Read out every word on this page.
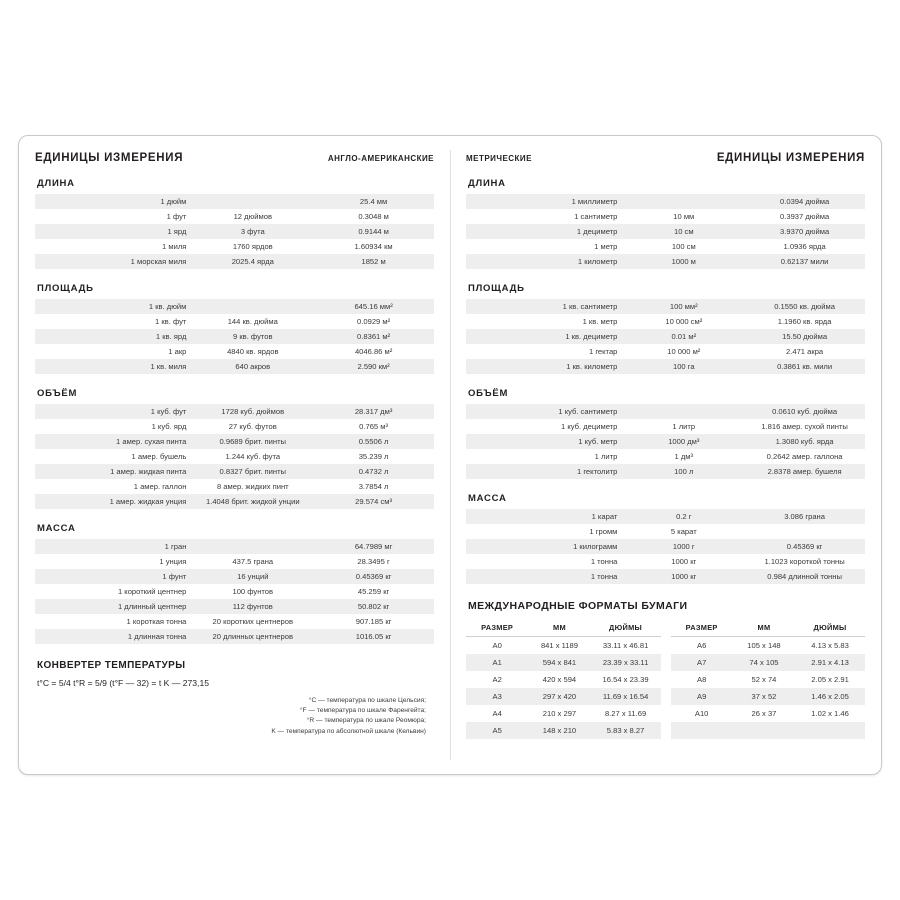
ЕДИНИЦЫ ИЗМЕРЕНИЯ	АНГЛО-АМЕРИКАНСКИЕ
ДЛИНА
1 дюйм		25.4 мм
1 фут	12 дюймов	0.3048 м
1 ярд	3 фута	0.9144 м
1 миля	1760 ярдов	1.60934 км
1 морская миля	2025.4 ярда	1852 м
ПЛОЩАДЬ
1 кв. дюйм		645.16 мм²
1 кв. фут	144 кв. дюйма	0.0929 м²
1 кв. ярд	9 кв. футов	0.8361 м²
1 акр	4840 кв. ярдов	4046.86 м²
1 кв. миля	640 акров	2.590 км²
ОБЪЁМ
1 куб. фут	1728 куб. дюймов	28.317 дм³
1 куб. ярд	27 куб. футов	0.765 м³
1 амер. сухая пинта	0.9689 брит. пинты	0.5506 л
1 амер. бушель	1.244 куб. фута	35.239 л
1 амер. жидкая пинта	0.8327 брит. пинты	0.4732 л
1 амер. галлон	8 амер. жидких пинт	3.7854 л
1 амер. жидкая унция	1.4048 брит. жидкой унции	29.574 см³
МАССА
1 гран		64.7989 мг
1 унция	437.5 грана	28.3495 г
1 фунт	16 унций	0.45369 кг
1 короткий центнер	100 фунтов	45.259 кг
1 длинный центнер	112 фунтов	50.802 кг
1 короткая тонна	20 коротких центнеров	907.185 кг
1 длинная тонна	20 длинных центнеров	1016.05 кг
КОНВЕРТЕР ТЕМПЕРАТУРЫ
t°C = 5/4 t°R = 5/9 (t°F — 32) = t K — 273,15
°C — температура по шкале Цельсия;
°F — температура по шкале Фаренгейта;
°R — температура по шкале Реомюра;
K — температура по абсолютной шкале (Кельвин)
МЕТРИЧЕСКИЕ	ЕДИНИЦЫ ИЗМЕРЕНИЯ
ДЛИНА
1 миллиметр		0.0394 дюйма
1 сантиметр	10 мм	0.3937 дюйма
1 дециметр	10 см	3.9370 дюйма
1 метр	100 см	1.0936 ярда
1 километр	1000 м	0.62137 мили
ПЛОЩАДЬ
1 кв. сантиметр	100 мм²	0.1550 кв. дюйма
1 кв. метр	10 000 см²	1.1960 кв. ярда
1 кв. дециметр	0.01 м²	15.50 дюйма
1 гектар	10 000 м²	2.471 акра
1 кв. километр	100 га	0.3861 кв. мили
ОБЪЁМ
1 куб. сантиметр		0.0610 куб. дюйма
1 куб. дециметр	1 литр	1.816 амер. сухой пинты
1 куб. метр	1000 дм³	1.3080 куб. ярда
1 литр	1 дм³	0.2642 амер. галлона
1 гектолитр	100 л	2.8378 амер. бушеля
МАССА
1 карат	0.2 г	3.086 грана
1 громм	5 карат	
1 килограмм	1000 г	0.45369 кг
1 тонна	1000 кг	1.1023 короткой тонны
1 тонна	1000 кг	0.984 длинной тонны
МЕЖДУНАРОДНЫЕ ФОРМАТЫ БУМАГИ
РАЗМЕР	ММ	ДЮЙМЫ
A0	841 x 1189	33.11 x 46.81
A1	594 x 841	23.39 x 33.11
A2	420 x 594	16.54 x 23.39
A3	297 x 420	11.69 x 16.54
A4	210 x 297	8.27 x 11.69
A5	148 x 210	5.83 x 8.27
РАЗМЕР	ММ	ДЮЙМЫ
A6	105 x 148	4.13 x 5.83
A7	74 x 105	2.91 x 4.13
A8	52 x 74	2.05 x 2.91
A9	37 x 52	1.46 x 2.05
A10	26 x 37	1.02 x 1.46
